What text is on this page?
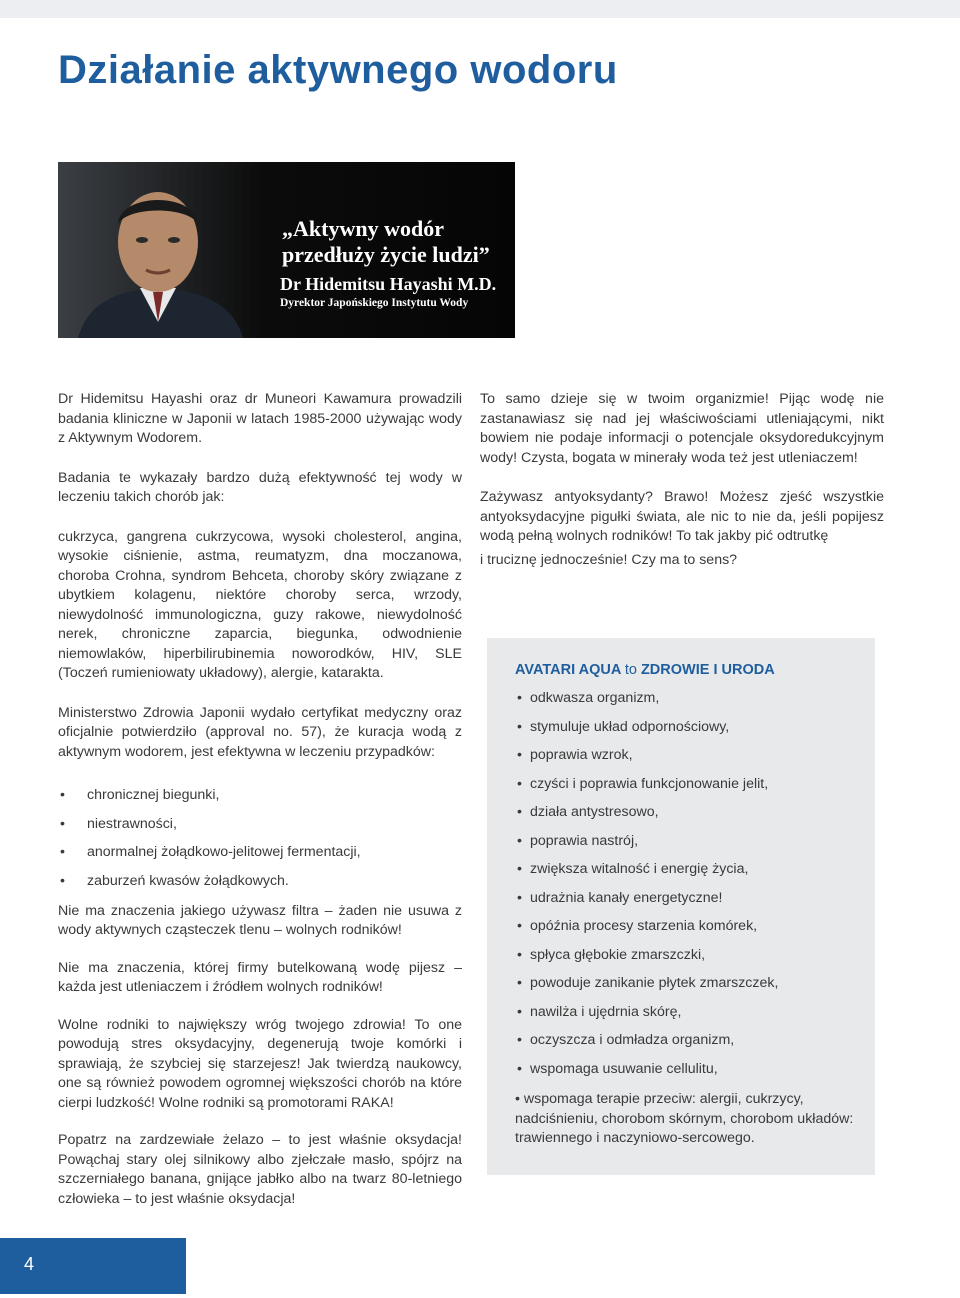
Działanie aktywnego wodoru
„Aktywny wodór
przedłuży życie ludzi”
Dr Hidemitsu Hayashi M.D.
Dyrektor Japońskiego Instytutu Wody

Dr Hidemitsu Hayashi oraz dr Muneori Kawamura prowadzili badania kliniczne w Japonii w latach 1985-2000 używając wody z Aktywnym Wodorem.

Badania te wykazały bardzo dużą efektywność tej wody w leczeniu takich chorób jak:

cukrzyca, gangrena cukrzycowa, wysoki cholesterol, angina, wysokie ciśnienie, astma, reumatyzm, dna moczanowa, choroba Crohna, syndrom Behceta, choroby skóry związane z ubytkiem kolagenu, niektóre choroby serca, wrzody, niewydolność immunologiczna, guzy rakowe, niewydolność nerek, chroniczne zaparcia, biegunka, odwodnienie niemowlaków, hiperbilirubinemia noworodków, HIV, SLE (Toczeń rumieniowaty układowy), alergie, katarakta.

Ministerstwo Zdrowia Japonii wydało certyfikat medyczny oraz oficjalnie potwierdziło (approval no. 57), że kuracja wodą z aktywnym wodorem, jest efektywna w leczeniu przypadków:

• chronicznej biegunki,
• niestrawności,
• anormalnej żołądkowo-jelitowej fermentacji,
• zaburzeń kwasów żołądkowych.

Nie ma znaczenia jakiego używasz filtra – żaden nie usuwa z wody aktywnych cząsteczek tlenu – wolnych rodników!

Nie ma znaczenia, której firmy butelkowaną wodę pijesz – każda jest utleniaczem i źródłem wolnych rodników!

Wolne rodniki to największy wróg twojego zdrowia! To one powodują stres oksydacyjny, degenerują twoje komórki i sprawiają, że szybciej się starzejesz! Jak twierdzą naukowcy, one są również powodem ogromnej większości chorób na które cierpi ludzkość! Wolne rodniki są promotorami RAKA!

Popatrz na zardzewiałe żelazo – to jest właśnie oksydacja! Powąchaj stary olej silnikowy albo zjełczałe masło, spójrz na szczerniałego banana, gnijące jabłko albo na twarz 80-letniego człowieka – to jest właśnie oksydacja!

To samo dzieje się w twoim organizmie! Pijąc wodę nie zastanawiasz się nad jej właściwościami utleniającymi, nikt bowiem nie podaje informacji o potencjale oksydoredukcyjnym wody! Czysta, bogata w minerały woda też jest utleniaczem!

Zażywasz antyoksydanty? Brawo! Możesz zjeść wszystkie antyoksydacyjne pigułki świata, ale nic to nie da, jeśli popijesz wodą pełną wolnych rodników! To tak jakby pić odtrutkę

i truciznę jednocześnie! Czy ma to sens?

AVATARI AQUA to ZDROWIE I URODA
• odkwasza organizm,
• stymuluje układ odpornościowy,
• poprawia wzrok,
• czyści i poprawia funkcjonowanie jelit,
• działa antystresowo,
• poprawia nastrój,
• zwiększa witalność i energię życia,
• udrażnia kanały energetyczne!
• opóźnia procesy starzenia komórek,
• spłyca głębokie zmarszczki,
• powoduje zanikanie płytek zmarszczek,
• nawilża i ujędrnia skórę,
• oczyszcza i odmładza organizm,
• wspomaga usuwanie cellulitu,
• wspomaga terapie przeciw: alergii, cukrzycy, nadciśnieniu, chorobom skórnym, chorobom układów: trawiennego i naczyniowo-sercowego.
4
